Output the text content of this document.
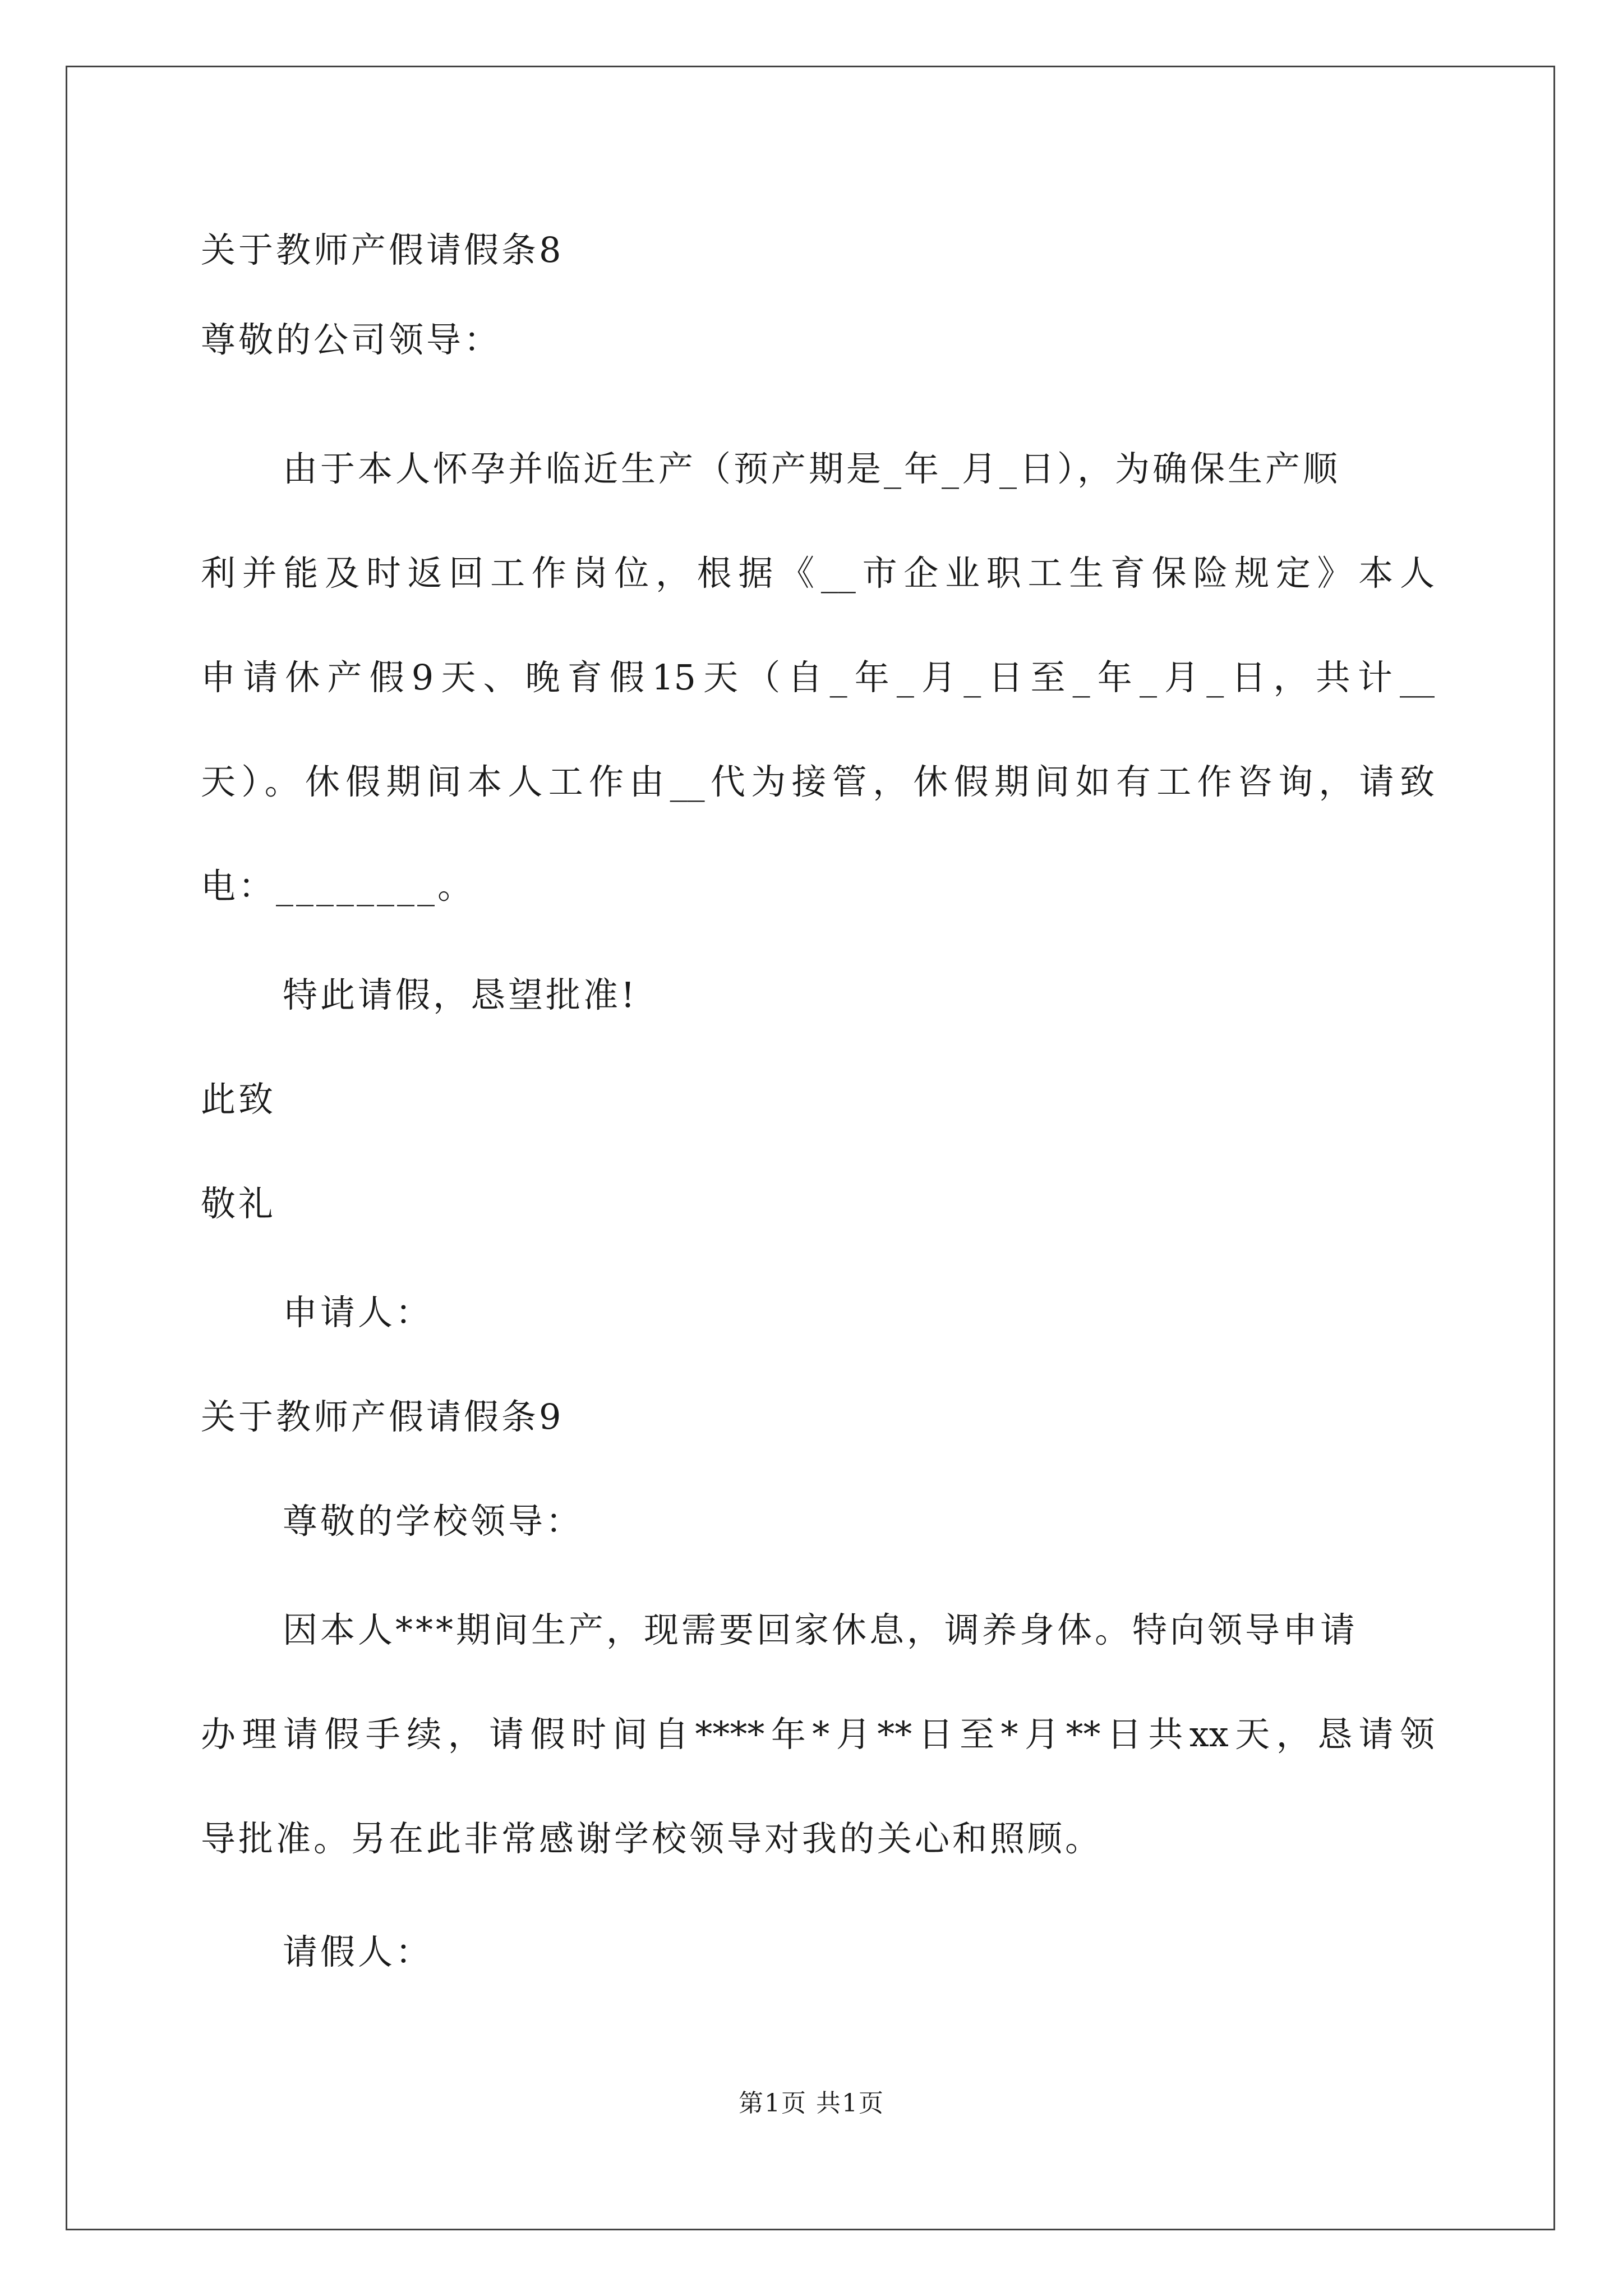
关于教师产假请假条8
尊敬的公司领导：
由于本人怀孕并临近生产（预产期是_年_月_日），为确保生产顺
利并能及时返回工作岗位，根据《__市企业职工生育保险规定》本人
申请休产假9天、晚育假15天（自_年_月_日至_年_月_日，共计__
天）。休假期间本人工作由__代为接管，休假期间如有工作咨询，请致
电：________。
特此请假，恳望批准!
此致
敬礼
申请人：
关于教师产假请假条9
尊敬的学校领导：
因本人***期间生产，现需要回家休息，调养身体。特向领导申请
办理请假手续，请假时间自****年*月**日至*月**日共xx天，恳请领
导批准。另在此非常感谢学校领导对我的关心和照顾。
请假人：
第1页 共1页
